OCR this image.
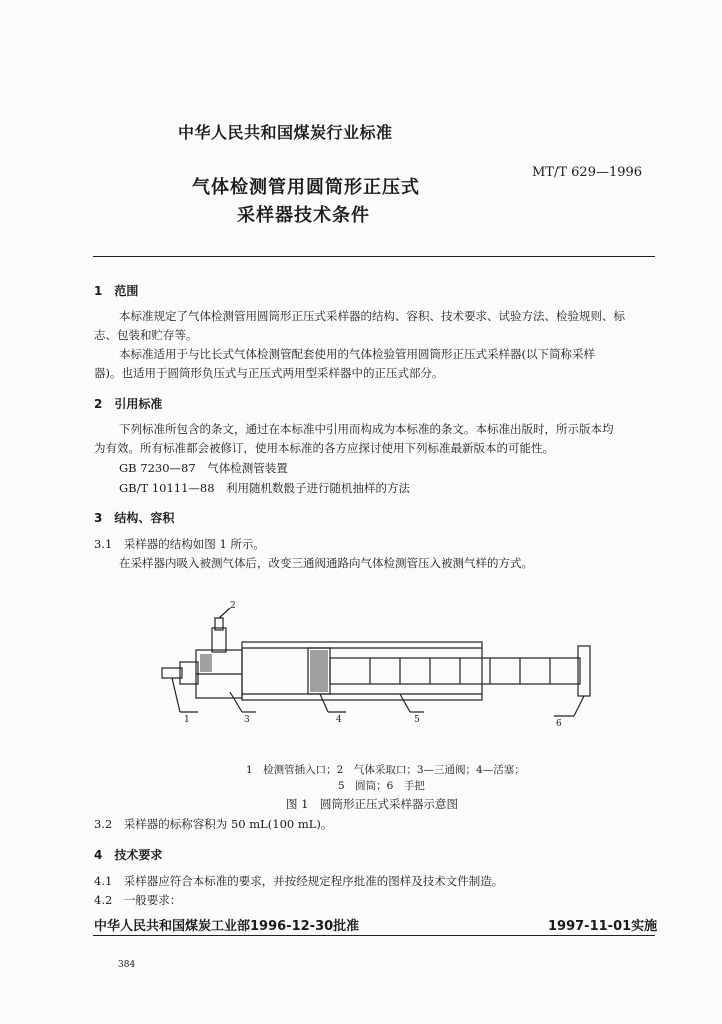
中华人民共和国煤炭行业标准
MT/T 629—1996
气体检测管用圆筒形正压式
采样器技术条件
1　范围
本标准规定了气体检测管用圆筒形正压式采样器的结构、容积、技术要求、试验方法、检验规则、标
志、包装和贮存等。
本标准适用于与比长式气体检测管配套使用的气体检验管用圆筒形正压式采样器(以下简称采样
器)。也适用于圆筒形负压式与正压式两用型采样器中的正压式部分。
2　引用标准
下列标准所包含的条文，通过在本标准中引用而构成为本标准的条文。本标准出版时，所示版本均
为有效。所有标准都会被修订，使用本标准的各方应探讨使用下列标准最新版本的可能性。
GB 7230—87　气体检测管装置
GB/T 10111—88　利用随机数骰子进行随机抽样的方法
3　结构、容积
3.1　采样器的结构如图 1 所示。
在采样器内吸入被测气体后，改变三通阀通路向气体检测管压入被测气样的方式。
1
2
3	4	5	6
1　检测管插入口；2　气体采取口；3—三通阀；4—活塞；
5　圆筒；6　手把
图 1　圆筒形正压式采样器示意图
3.2　采样器的标称容积为 50 mL(100 mL)。
4　技术要求
4.1　采样器应符合本标准的要求，并按经规定程序批准的图样及技术文件制造。
4.2　一般要求：
中华人民共和国煤炭工业部1996-12-30批准	1997-11-01实施
384
